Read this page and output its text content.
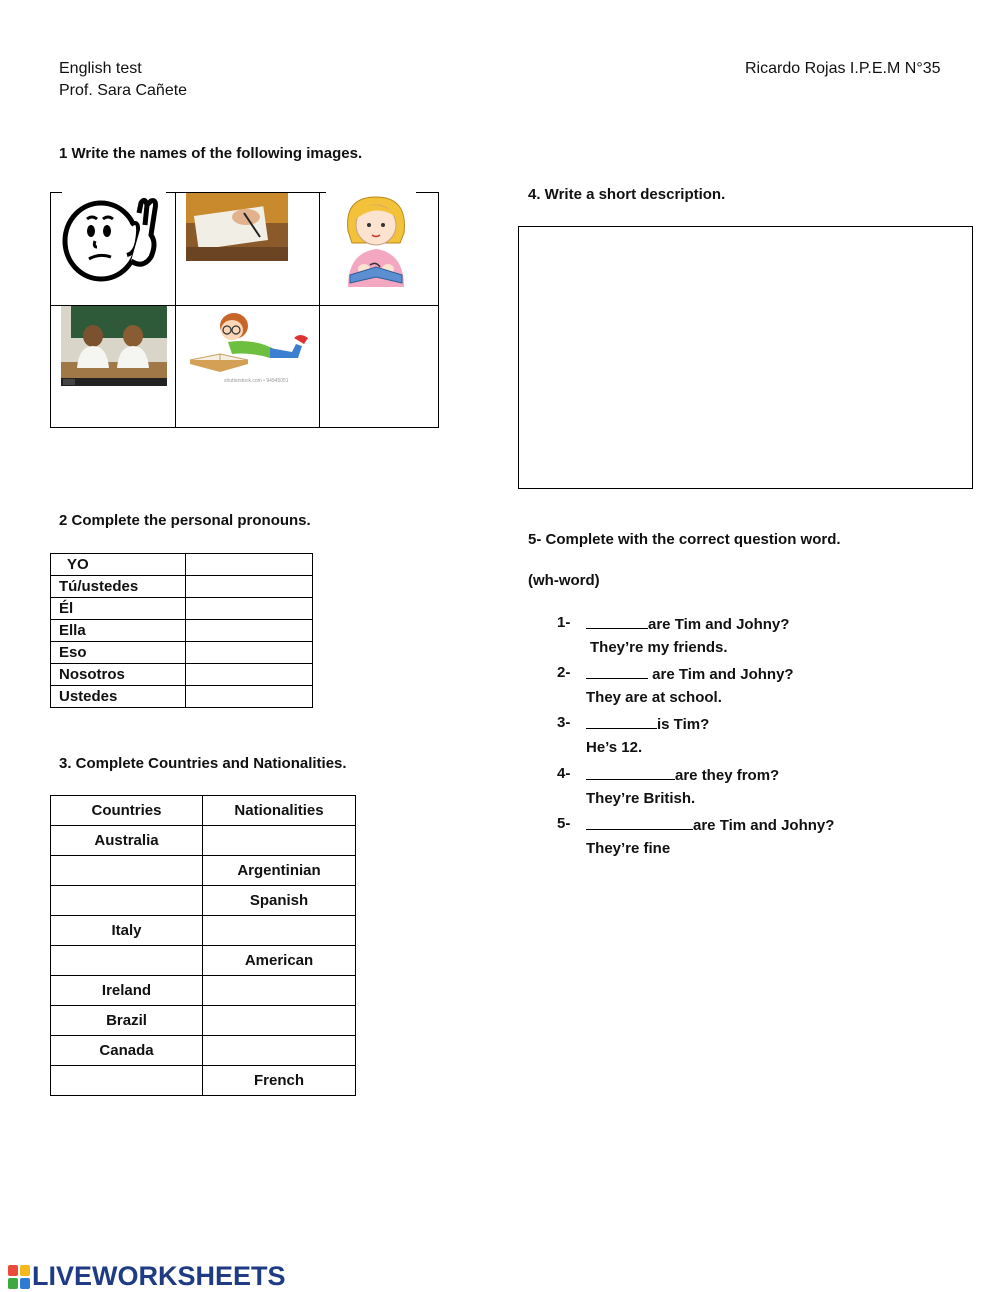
English test
Prof. Sara Cañete
Ricardo Rojas I.P.E.M N°35
1 Write the names of the following images.

shutterstock.com • 94945051	

2 Complete the personal pronouns.
YO	
Tú/ustedes	
Él	
Ella	
Eso	
Nosotros	
Ustedes	
3. Complete Countries and Nationalities.
Countries	Nationalities
Australia	
	Argentinian
	Spanish
Italy	
	American
Ireland	
Brazil	
Canada	
	French
4. Write a short description.
5- Complete with the correct question word.
(wh-word)
1-	are Tim and Johny?
They’re my friends.
2-	are Tim and Johny?
They are at school.
3-	is Tim?
He’s 12.
4-	are they from?
They’re British.
5-	are Tim and Johny?
They’re fine
LIVEWORKSHEETS
